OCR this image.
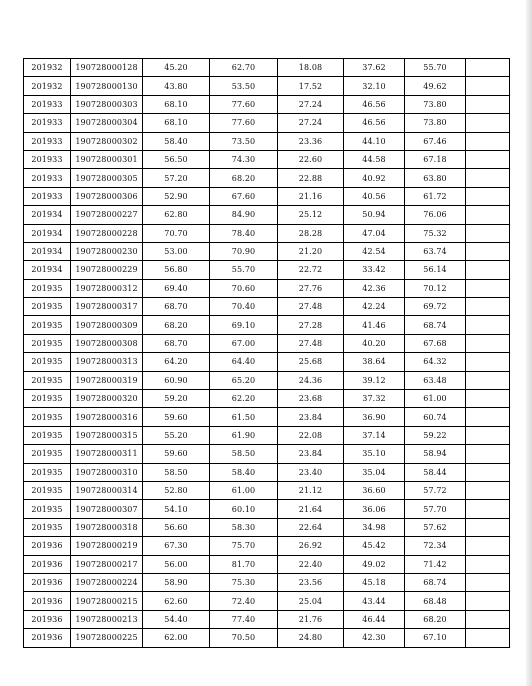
201932	190728000128	45.20	62.70	18.08	37.62	55.70	
201932	190728000130	43.80	53.50	17.52	32.10	49.62	
201933	190728000303	68.10	77.60	27.24	46.56	73.80	
201933	190728000304	68.10	77.60	27.24	46.56	73.80	
201933	190728000302	58.40	73.50	23.36	44.10	67.46	
201933	190728000301	56.50	74.30	22.60	44.58	67.18	
201933	190728000305	57.20	68.20	22.88	40.92	63.80	
201933	190728000306	52.90	67.60	21.16	40.56	61.72	
201934	190728000227	62.80	84.90	25.12	50.94	76.06	
201934	190728000228	70.70	78.40	28.28	47.04	75.32	
201934	190728000230	53.00	70.90	21.20	42.54	63.74	
201934	190728000229	56.80	55.70	22.72	33.42	56.14	
201935	190728000312	69.40	70.60	27.76	42.36	70.12	
201935	190728000317	68.70	70.40	27.48	42.24	69.72	
201935	190728000309	68.20	69.10	27.28	41.46	68.74	
201935	190728000308	68.70	67.00	27.48	40.20	67.68	
201935	190728000313	64.20	64.40	25.68	38.64	64.32	
201935	190728000319	60.90	65.20	24.36	39.12	63.48	
201935	190728000320	59.20	62.20	23.68	37.32	61.00	
201935	190728000316	59.60	61.50	23.84	36.90	60.74	
201935	190728000315	55.20	61.90	22.08	37.14	59.22	
201935	190728000311	59.60	58.50	23.84	35.10	58.94	
201935	190728000310	58.50	58.40	23.40	35.04	58.44	
201935	190728000314	52.80	61.00	21.12	36.60	57.72	
201935	190728000307	54.10	60.10	21.64	36.06	57.70	
201935	190728000318	56.60	58.30	22.64	34.98	57.62	
201936	190728000219	67.30	75.70	26.92	45.42	72.34	
201936	190728000217	56.00	81.70	22.40	49.02	71.42	
201936	190728000224	58.90	75.30	23.56	45.18	68.74	
201936	190728000215	62.60	72.40	25.04	43.44	68.48	
201936	190728000213	54.40	77.40	21.76	46.44	68.20	
201936	190728000225	62.00	70.50	24.80	42.30	67.10	
